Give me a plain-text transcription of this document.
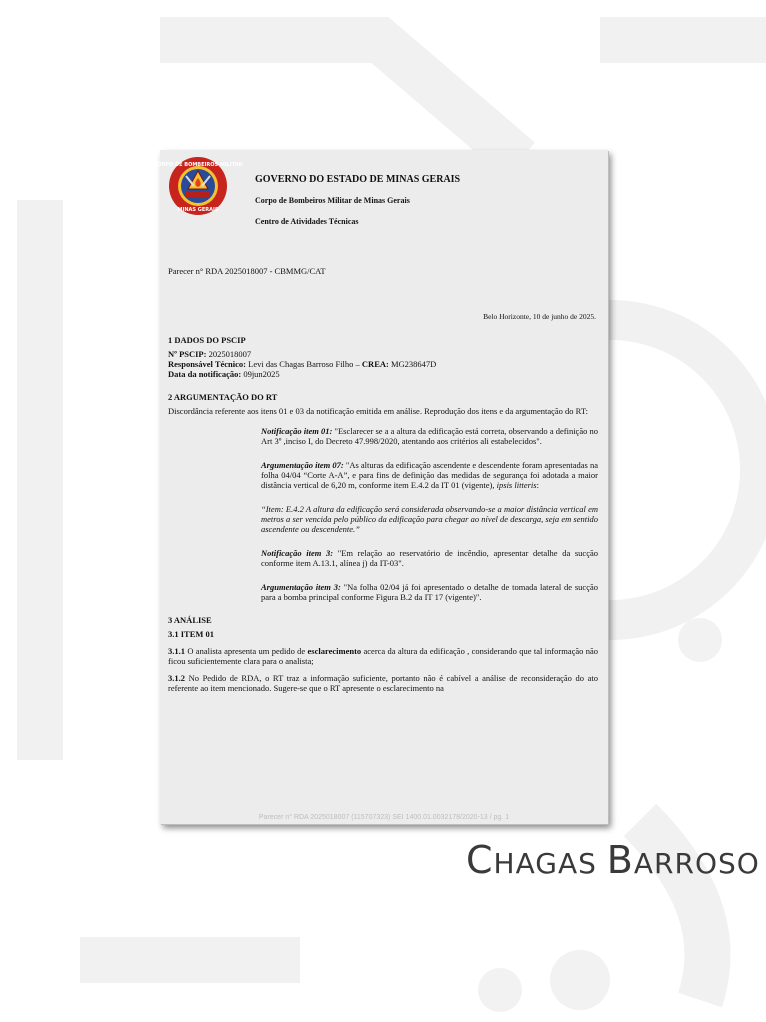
CORPO DE BOMBEIROS MILITAR
MINAS GERAIS
GOVERNO DO ESTADO DE MINAS GERAIS
Corpo de Bombeiros Militar de Minas Gerais
Centro de Atividades Técnicas
Parecer n° RDA 2025018007 - CBMMG/CAT
Belo Horizonte, 10 de junho de 2025.
1 DADOS DO PSCIP
Nº PSCIP: 2025018007
Responsável Técnico: Levi das Chagas Barroso Filho – CREA: MG238647D
Data da notificação: 09jun2025
2 ARGUMENTAÇÃO DO RT
Discordância referente aos itens 01 e 03 da notificação emitida em análise. Reprodução dos itens e da argumentação do RT:
Notificação item 01: "Esclarecer se a a altura da edificação está correta, observando a definição no Art 3º ,inciso I, do Decreto 47.998/2020, atentando aos critérios ali estabelecidos".
Argumentação item 07: "As alturas da edificação ascendente e descendente foram apresentadas na folha 04/04 “Corte A-A”, e para fins de definição das medidas de segurança foi adotada a maior distância vertical de 6,20 m, conforme item E.4.2 da IT 01 (vigente), ipsis litteris:
“Item: E.4.2 A altura da edificação será considerada observando-se a maior distância vertical em metros a ser vencida pelo público da edificação para chegar ao nível de descarga, seja em sentido ascendente ou descendente.”
Notificação item 3: "Em relação ao reservatório de incêndio, apresentar detalhe da sucção conforme item A.13.1, alínea j) da IT-03".
Argumentação item 3: "Na folha 02/04 já foi apresentado o detalhe de tomada lateral de sucção para a bomba principal conforme Figura B.2 da IT 17 (vigente)".
3 ANÁLISE
3.1 ITEM 01
3.1.1 O analista apresenta um pedido de esclarecimento acerca da altura da edificação , considerando que tal informação não ficou suficientemente clara para o analista;
3.1.2 No Pedido de RDA, o RT traz a informação suficiente, portanto não é cabível a análise de reconsideração do ato referente ao item mencionado. Sugere-se que o RT apresente o esclarecimento na
Parecer n° RDA 2025018007 (115707323) SEI 1400.01.0032178/2020-13 / pg. 1
CHAGAS BARROSO
